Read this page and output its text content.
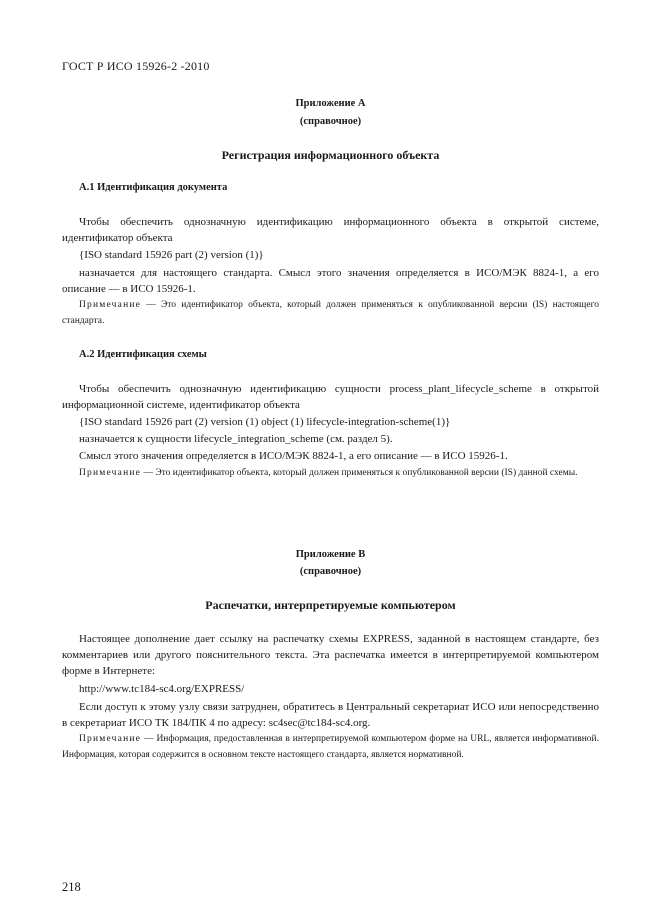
ГОСТ Р ИСО 15926-2 -2010
Приложение А
(справочное)
Регистрация информационного объекта
А.1 Идентификация документа
Чтобы обеспечить однозначную идентификацию информационного объекта в открытой системе, идентификатор объекта
{ISO standard 15926 part (2) version (1)}
назначается для настоящего стандарта. Смысл этого значения определяется в ИСО/МЭК 8824-1, а его описание — в ИСО 15926-1.
Примечание — Это идентификатор объекта, который должен применяться к опубликованной версии (IS) настоящего стандарта.
А.2 Идентификация схемы
Чтобы обеспечить однозначную идентификацию сущности process_plant_lifecycle_scheme в открытой информационной системе, идентификатор объекта
{ISO standard 15926 part (2) version (1) object (1) lifecycle-integration-scheme(1)}
назначается к сущности lifecycle_integration_scheme (см. раздел 5).
Смысл этого значения определяется в ИСО/МЭК 8824-1, а его описание — в ИСО 15926-1.
Примечание — Это идентификатор объекта, который должен применяться к опубликованной версии (IS) данной схемы.
Приложение В
(справочное)
Распечатки, интерпретируемые компьютером
Настоящее дополнение дает ссылку на распечатку схемы EXPRESS, заданной в настоящем стандарте, без комментариев или другого пояснительного текста. Эта распечатка имеется в интерпретируемой компьютером форме в Интернете:
http://www.tc184-sc4.org/EXPRESS/
Если доступ к этому узлу связи затруднен, обратитесь в Центральный секретариат ИСО или непосредственно в секретариат ИСО ТК 184/ПК 4 по адресу: sc4sec@tc184-sc4.org.
Примечание — Информация, предоставленная в интерпретируемой компьютером форме на URL, является информативной. Информация, которая содержится в основном тексте настоящего стандарта, является нормативной.
218
